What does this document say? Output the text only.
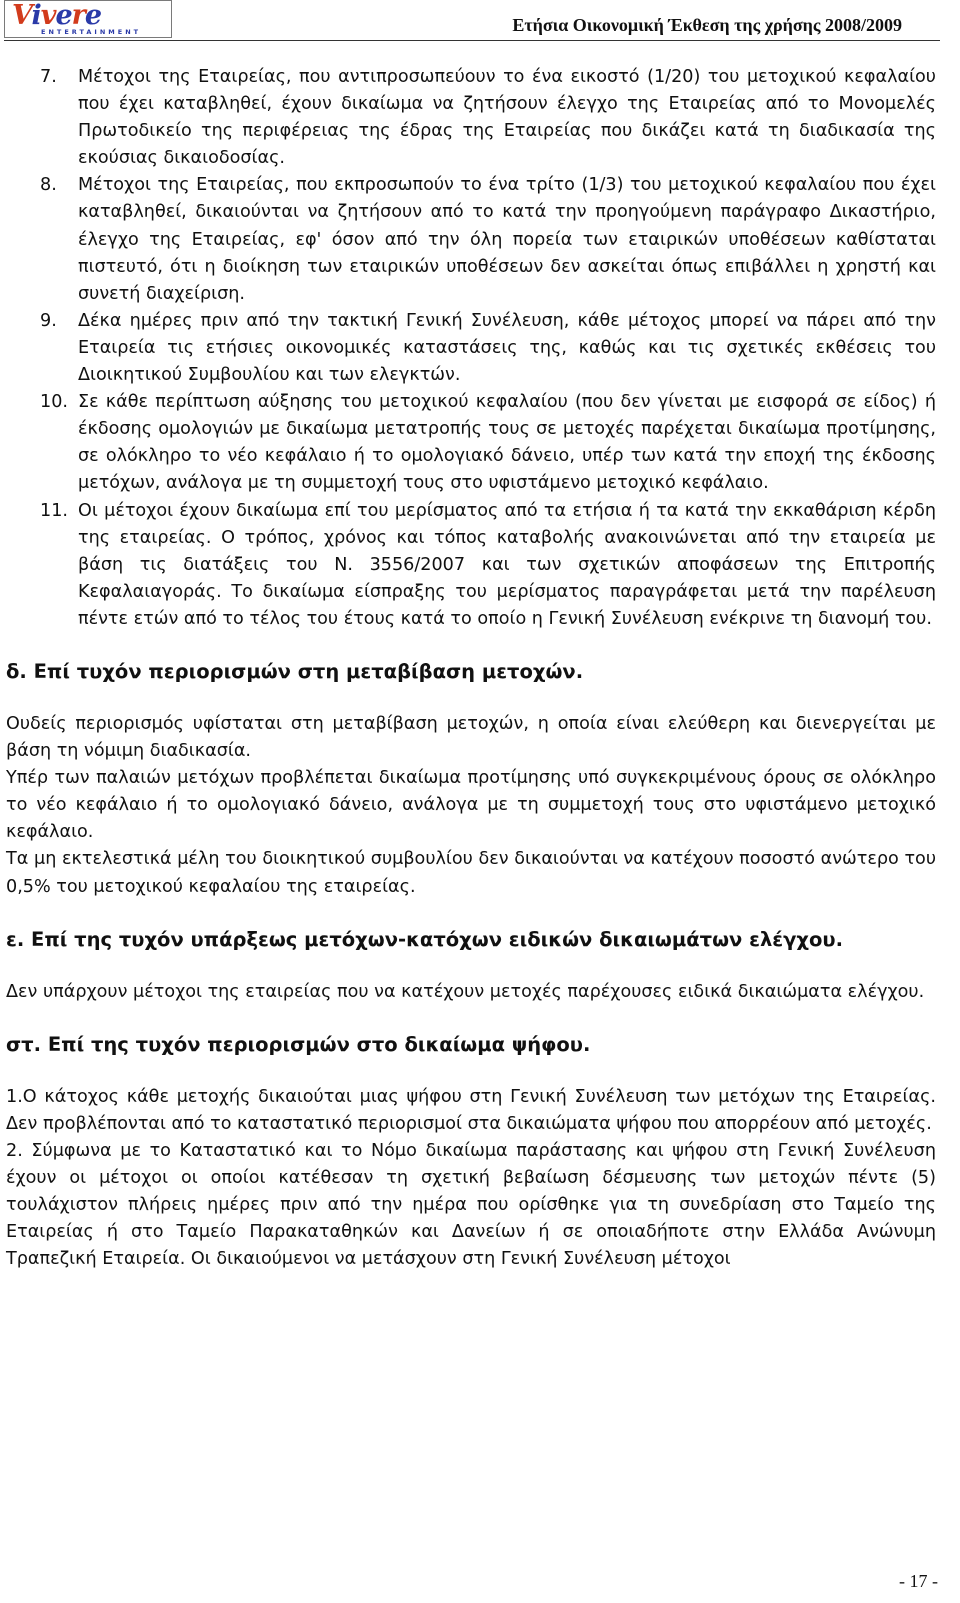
Vivere
ENTERTAINMENT	Ετήσια Οικονομική Έκθεση της χρήσης 2008/2009
7. Μέτοχοι της Εταιρείας, που αντιπροσωπεύουν το ένα εικοστό (1/20) του μετοχικού κεφαλαίου που έχει καταβληθεί, έχουν δικαίωμα να ζητήσουν έλεγχο της Εταιρείας από το Μονομελές Πρωτοδικείο της περιφέρειας της έδρας της Εταιρείας που δικάζει κατά τη διαδικασία της εκούσιας δικαιοδοσίας.
8. Μέτοχοι της Εταιρείας, που εκπροσωπούν το ένα τρίτο (1/3) του μετοχικού κεφαλαίου που έχει καταβληθεί, δικαιούνται να ζητήσουν από το κατά την προηγούμενη παράγραφο Δικαστήριο, έλεγχο της Εταιρείας, εφ' όσον από την όλη πορεία των εταιρικών υποθέσεων καθίσταται πιστευτό, ότι η διοίκηση των εταιρικών υποθέσεων δεν ασκείται όπως επιβάλλει η χρηστή και συνετή διαχείριση.
9. Δέκα ημέρες πριν από την τακτική Γενική Συνέλευση, κάθε μέτοχος μπορεί να πάρει από την Εταιρεία τις ετήσιες οικονομικές καταστάσεις της, καθώς και τις σχετικές εκθέσεις του Διοικητικού Συμβουλίου και των ελεγκτών.
10. Σε κάθε περίπτωση αύξησης του μετοχικού κεφαλαίου (που δεν γίνεται με εισφορά σε είδος) ή έκδοσης ομολογιών με δικαίωμα μετατροπής τους σε μετοχές παρέχεται δικαίωμα προτίμησης, σε ολόκληρο το νέο κεφάλαιο ή το ομολογιακό δάνειο, υπέρ των κατά την εποχή της έκδοσης μετόχων, ανάλογα με τη συμμετοχή τους στο υφιστάμενο μετοχικό κεφάλαιο.
11. Οι μέτοχοι έχουν δικαίωμα επί του μερίσματος από τα ετήσια ή τα κατά την εκκαθάριση κέρδη της εταιρείας. Ο τρόπος, χρόνος και τόπος καταβολής ανακοινώνεται από την εταιρεία με βάση τις διατάξεις του Ν. 3556/2007 και των σχετικών αποφάσεων της Επιτροπής Κεφαλαιαγοράς. Το δικαίωμα είσπραξης του μερίσματος παραγράφεται μετά την παρέλευση πέντε ετών από το τέλος του έτους κατά το οποίο η Γενική Συνέλευση ενέκρινε τη διανομή του.

δ. Επί τυχόν περιορισμών στη μεταβίβαση μετοχών.

Ουδείς περιορισμός υφίσταται στη μεταβίβαση μετοχών, η οποία είναι ελεύθερη και διενεργείται με βάση τη νόμιμη διαδικασία.

Υπέρ των παλαιών μετόχων προβλέπεται δικαίωμα προτίμησης υπό συγκεκριμένους όρους σε ολόκληρο το νέο κεφάλαιο ή το ομολογιακό δάνειο, ανάλογα με τη συμμετοχή τους στο υφιστάμενο μετοχικό κεφάλαιο.

Τα μη εκτελεστικά μέλη του διοικητικού συμβουλίου δεν δικαιούνται να κατέχουν ποσοστό ανώτερο του 0,5% του μετοχικού κεφαλαίου της εταιρείας.

ε. Επί της τυχόν υπάρξεως μετόχων-κατόχων ειδικών δικαιωμάτων ελέγχου.

Δεν υπάρχουν μέτοχοι της εταιρείας που να κατέχουν μετοχές παρέχουσες ειδικά δικαιώματα ελέγχου.

στ. Επί της τυχόν περιορισμών στο δικαίωμα ψήφου.

1.Ο κάτοχος κάθε μετοχής δικαιούται μιας ψήφου στη Γενική Συνέλευση των μετόχων της Εταιρείας. Δεν προβλέπονται από το καταστατικό περιορισμοί στα δικαιώματα ψήφου που απορρέουν από μετοχές.

2. Σύμφωνα με το Καταστατικό και το Νόμο δικαίωμα παράστασης και ψήφου στη Γενική Συνέλευση έχουν οι μέτοχοι οι οποίοι κατέθεσαν τη σχετική βεβαίωση δέσμευσης των μετοχών πέντε (5) τουλάχιστον πλήρεις ημέρες πριν από την ημέρα που ορίσθηκε για τη συνεδρίαση στο Ταμείο της Εταιρείας ή στο Ταμείο Παρακαταθηκών και Δανείων ή σε οποιαδήποτε στην Ελλάδα Ανώνυμη Τραπεζική Εταιρεία. Οι δικαιούμενοι να μετάσχουν στη Γενική Συνέλευση μέτοχοι

- 17 -
